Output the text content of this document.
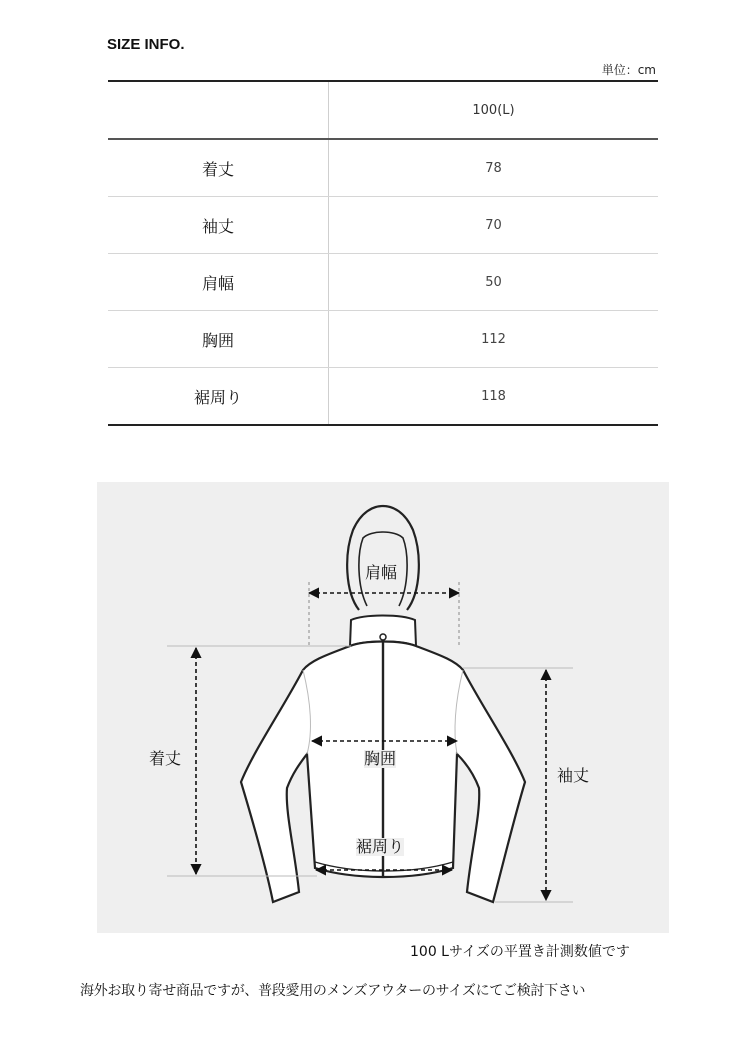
SIZE INFO.
単位：cm
	100(L)
着丈	78
袖丈	70
肩幅	50
胸囲	112
裾周り	118
肩幅
着丈	胸囲
袖丈
裾周り
100 Lサイズの平置き計測数値です
海外お取り寄せ商品ですが、普段愛用のメンズアウターのサイズにてご検討下さい
